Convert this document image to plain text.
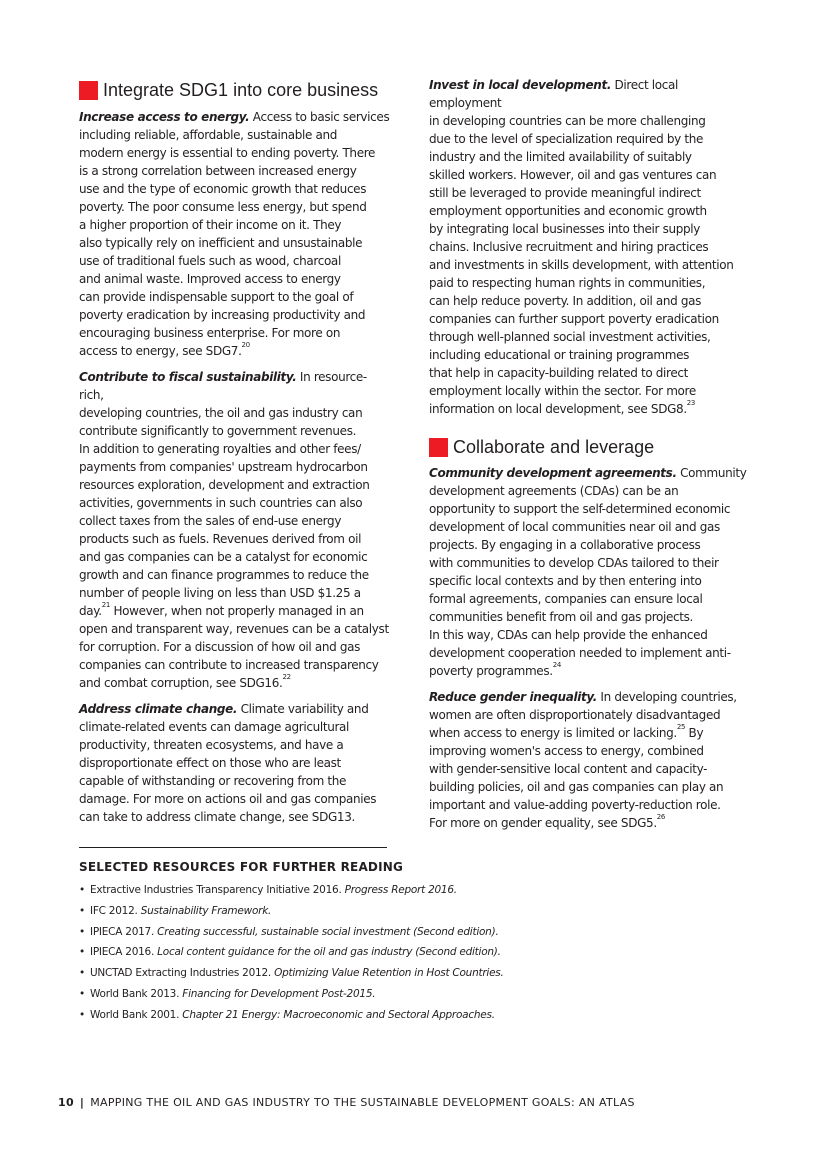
Integrate SDG1 into core business

Increase access to energy. Access to basic services
including reliable, affordable, sustainable and
modern energy is essential to ending poverty. There
is a strong correlation between increased energy
use and the type of economic growth that reduces
poverty. The poor consume less energy, but spend
a higher proportion of their income on it. They
also typically rely on inefficient and unsustainable
use of traditional fuels such as wood, charcoal
and animal waste. Improved access to energy
can provide indispensable support to the goal of
poverty eradication by increasing productivity and
encouraging business enterprise. For more on
access to energy, see SDG7.20

Contribute to fiscal sustainability. In resource-rich,
developing countries, the oil and gas industry can
contribute significantly to government revenues.
In addition to generating royalties and other fees/
payments from companies' upstream hydrocarbon
resources exploration, development and extraction
activities, governments in such countries can also
collect taxes from the sales of end-use energy
products such as fuels. Revenues derived from oil
and gas companies can be a catalyst for economic
growth and can finance programmes to reduce the
number of people living on less than USD $1.25 a
day.$^{21}$ However, when not properly managed in an
open and transparent way, revenues can be a catalyst
for corruption. For a discussion of how oil and gas
companies can contribute to increased transparency
and combat corruption, see SDG16.22

Address climate change. Climate variability and
climate-related events can damage agricultural
productivity, threaten ecosystems, and have a
disproportionate effect on those who are least
capable of withstanding or recovering from the
damage. For more on actions oil and gas companies
can take to address climate change, see SDG13.

Invest in local development. Direct local employment
in developing countries can be more challenging
due to the level of specialization required by the
industry and the limited availability of suitably
skilled workers. However, oil and gas ventures can
still be leveraged to provide meaningful indirect
employment opportunities and economic growth
by integrating local businesses into their supply
chains. Inclusive recruitment and hiring practices
and investments in skills development, with attention
paid to respecting human rights in communities,
can help reduce poverty. In addition, oil and gas
companies can further support poverty eradication
through well-planned social investment activities,
including educational or training programmes
that help in capacity-building related to direct
employment locally within the sector. For more
information on local development, see SDG8.23

Collaborate and leverage

Community development agreements. Community
development agreements (CDAs) can be an
opportunity to support the self-determined economic
development of local communities near oil and gas
projects. By engaging in a collaborative process
with communities to develop CDAs tailored to their
specific local contexts and by then entering into
formal agreements, companies can ensure local
communities benefit from oil and gas projects.
In this way, CDAs can help provide the enhanced
development cooperation needed to implement anti-
poverty programmes.$^{24}$

Reduce gender inequality. In developing countries,
women are often disproportionately disadvantaged
when access to energy is limited or lacking.$^{25}$ By
improving women's access to energy, combined
with gender-sensitive local content and capacity-
building policies, oil and gas companies can play an
important and value-adding poverty-reduction role.
For more on gender equality, see SDG5.26

SELECTED RESOURCES FOR FURTHER READING

• Extractive Industries Transparency Initiative 2016. Progress Report 2016.
• IFC 2012. Sustainability Framework.
• IPIECA 2017. Creating successful, sustainable social investment (Second edition).
• IPIECA 2016. Local content guidance for the oil and gas industry (Second edition).
• UNCTAD Extracting Industries 2012. Optimizing Value Retention in Host Countries.
• World Bank 2013. Financing for Development Post-2015.
• World Bank 2001. Chapter 21 Energy: Macroeconomic and Sectoral Approaches.
10 | MAPPING THE OIL AND GAS INDUSTRY TO THE SUSTAINABLE DEVELOPMENT GOALS: AN ATLAS
